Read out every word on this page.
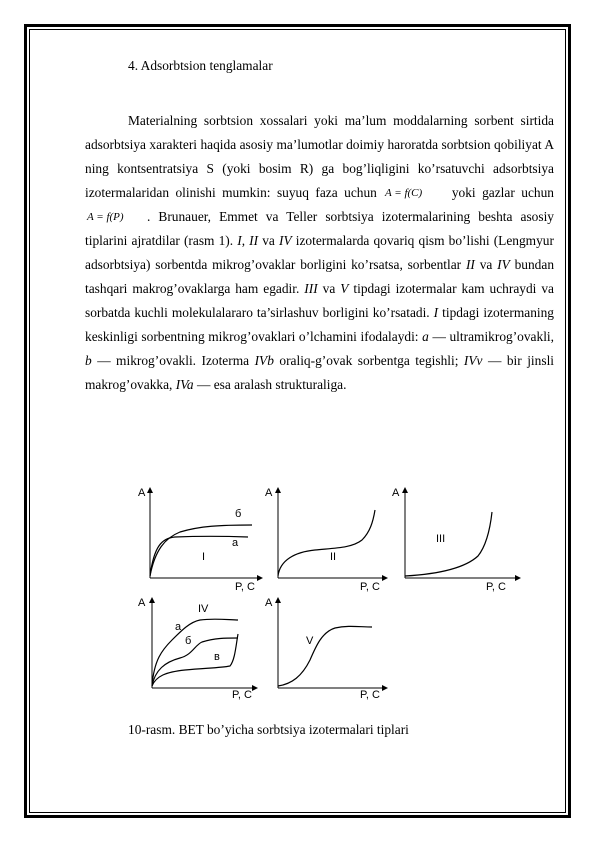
4. Adsorbtsion tenglamalar

Materialning sorbtsion xossalari yoki ma’lum moddalarning sorbent sirtida adsorbtsiya xarakteri haqida asosiy ma’lumotlar doimiy haroratda sorbtsion qobiliyat A ning kontsentratsiya S (yoki bosim R) ga bog’liqligini ko’rsatuvchi adsorbtsiya izotermalaridan olinishi mumkin: suyuq faza uchun A = f(C) yoki gazlar uchun
A = f(P) . Brunauer, Emmet va Teller sorbtsiya izotermalarining beshta asosiy tiplarini ajratdilar (rasm 1). I, II va IV izotermalarda qovariq qism bo’lishi (Lengmyur adsorbtsiya) sorbentda mikrog’ovaklar borligini ko’rsatsa, sorbentlar II va IV bundan tashqari makrog’ovaklarga ham egadir. III va V tipdagi izotermalar kam uchraydi va sorbatda kuchli molekulalararo ta’sirlashuv borligini ko’rsatadi. I tipdagi izotermaning keskinligi sorbentning mikrog’ovaklari o’lchamini ifodalaydi: a — ultramikrog’ovakli, b — mikrog’ovakli. Izoterma IVb oraliq-g’ovak sorbentga tegishli; IVv — bir jinsli makrog’ovakka, IVa — esa aralash strukturaliga.

A
P, C
б
a
I
A
P, C
II
A
P, C
III
A
P, C
IV
a
б
в
A
P, C
V
10-rasm. BET bo’yicha sorbtsiya izotermalari tiplari
